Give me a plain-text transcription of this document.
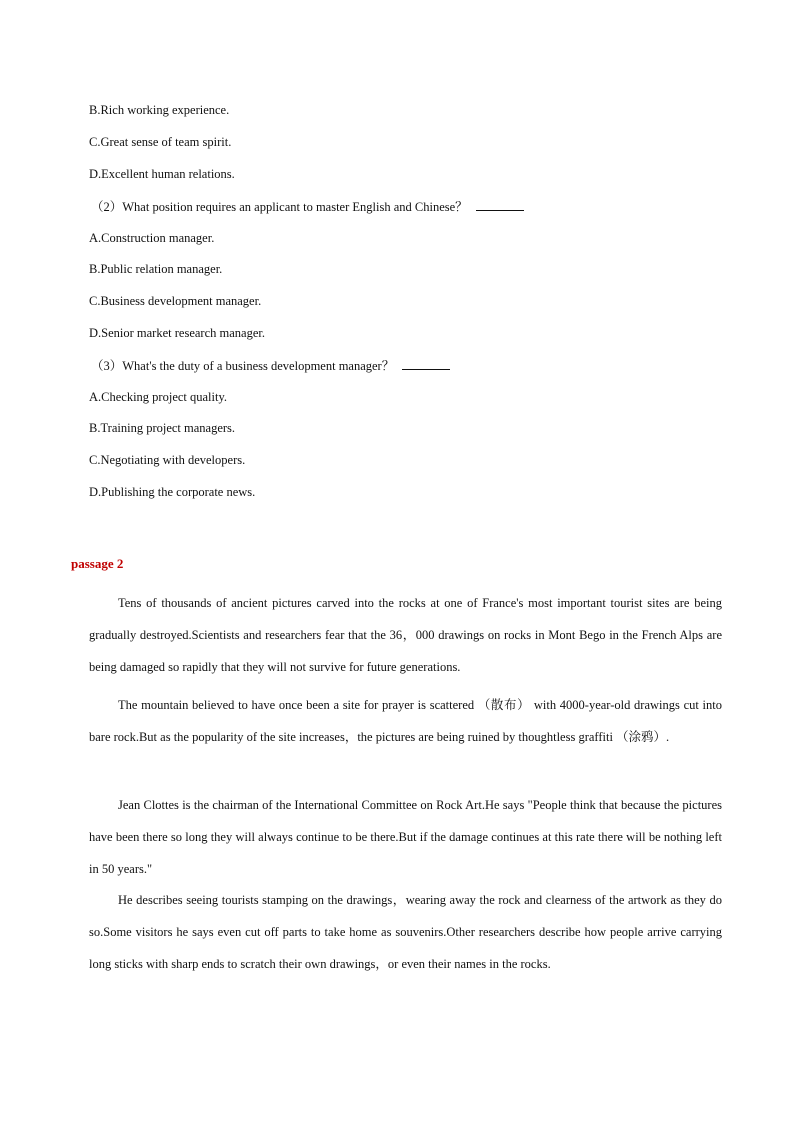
B.Rich working experience.
C.Great sense of team spirit.
D.Excellent human relations.
（2）What position requires an applicant to master English and Chinese？
A.Construction manager.
B.Public relation manager.
C.Business development manager.
D.Senior market research manager.
（3）What's the duty of a business development manager？
A.Checking project quality.
B.Training project managers.
C.Negotiating with developers.
D.Publishing the corporate news.
passage 2
Tens of thousands of ancient pictures carved into the rocks at one of France's most important tourist sites are being gradually destroyed.Scientists and researchers fear that the 36，000 drawings on rocks in Mont Bego in the French Alps are being damaged so rapidly that they will not survive for future generations.
The mountain believed to have once been a site for prayer is scattered （散布） with 4000-year-old drawings cut into bare rock.But as the popularity of the site increases，the pictures are being ruined by thoughtless graffiti （涂鸦）.
Jean Clottes is the chairman of the International Committee on Rock Art.He says "People think that because the pictures have been there so long they will always continue to be there.But if the damage continues at this rate there will be nothing left in 50 years."
He describes seeing tourists stamping on the drawings，wearing away the rock and clearness of the artwork as they do so.Some visitors he says even cut off parts to take home as souvenirs.Other researchers describe how people arrive carrying long sticks with sharp ends to scratch their own drawings，or even their names in the rocks.
